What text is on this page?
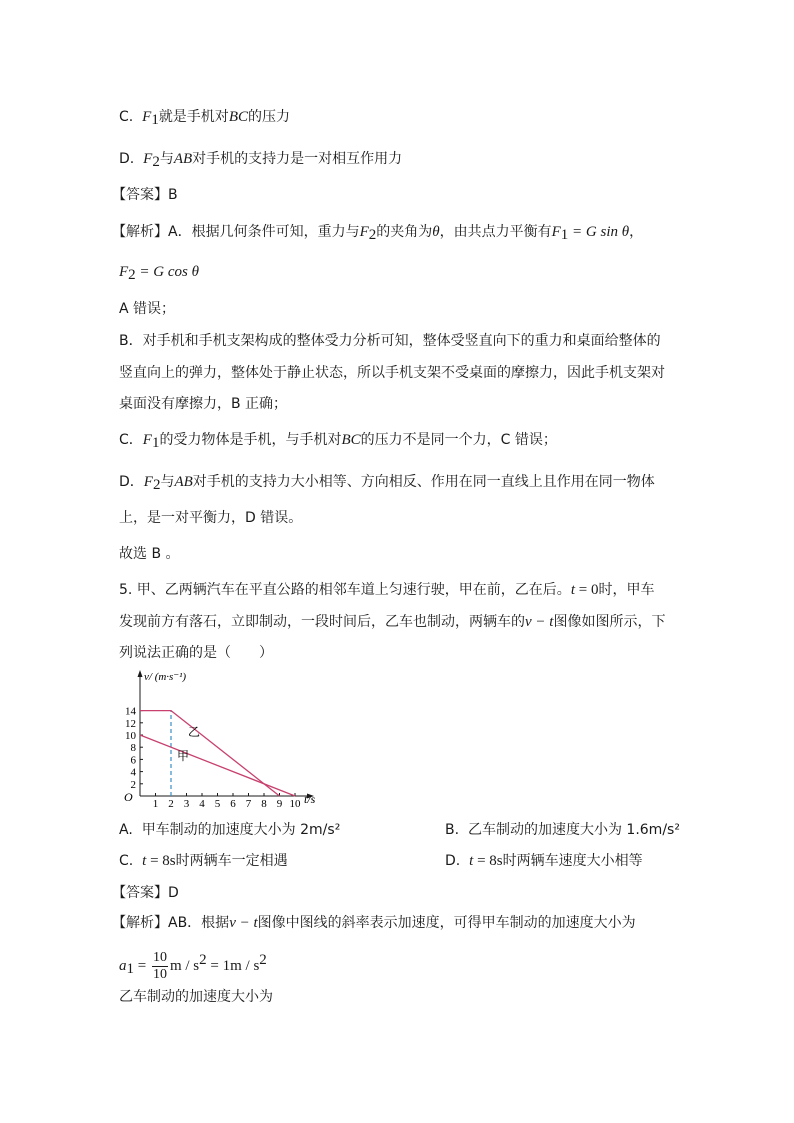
C. $F_1$就是手机对BC的压力
D. $F_2$与AB对手机的支持力是一对相互作用力
【答案】B
【解析】A．根据几何条件可知，重力与$F_2$的夹角为θ，由共点力平衡有$F_1 = G$ sin θ，
$F_2 = G$ cos θ
A 错误；
B．对手机和手机支架构成的整体受力分析可知，整体受竖直向下的重力和桌面给整体的
竖直向上的弹力，整体处于静止状态，所以手机支架不受桌面的摩擦力，因此手机支架对
桌面没有摩擦力，B 正确；
C．$F_1$的受力物体是手机，与手机对BC的压力不是同一个力，C 错误；
D．$F_2$与AB对手机的支持力大小相等、方向相反、作用在同一直线上且作用在同一物体
上，是一对平衡力，D 错误。
故选 B 。
5. 甲、乙两辆汽车在平直公路的相邻车道上匀速行驶，甲在前，乙在后。t = 0时，甲车
发现前方有落石，立即制动，一段时间后，乙车也制动，两辆车的v − t图像如图所示，下
列说法正确的是（　　）
v/ (m·s⁻¹)
t/s
O 1 2 3 4 5 6 7 8 9 10
2
4
6
8
10
12
14
乙
甲
A. 甲车制动的加速度大小为 2m/s²	B. 乙车制动的加速度大小为 1.6m/s²
C. t = 8s时两辆车一定相遇	D. t = 8s时两辆车速度大小相等
【答案】D
【解析】AB．根据v − t图像中图线的斜率表示加速度，可得甲车制动的加速度大小为
$a_1 = \frac{10}{10}$ $m / s^2 = 1m / s^2$
乙车制动的加速度大小为
